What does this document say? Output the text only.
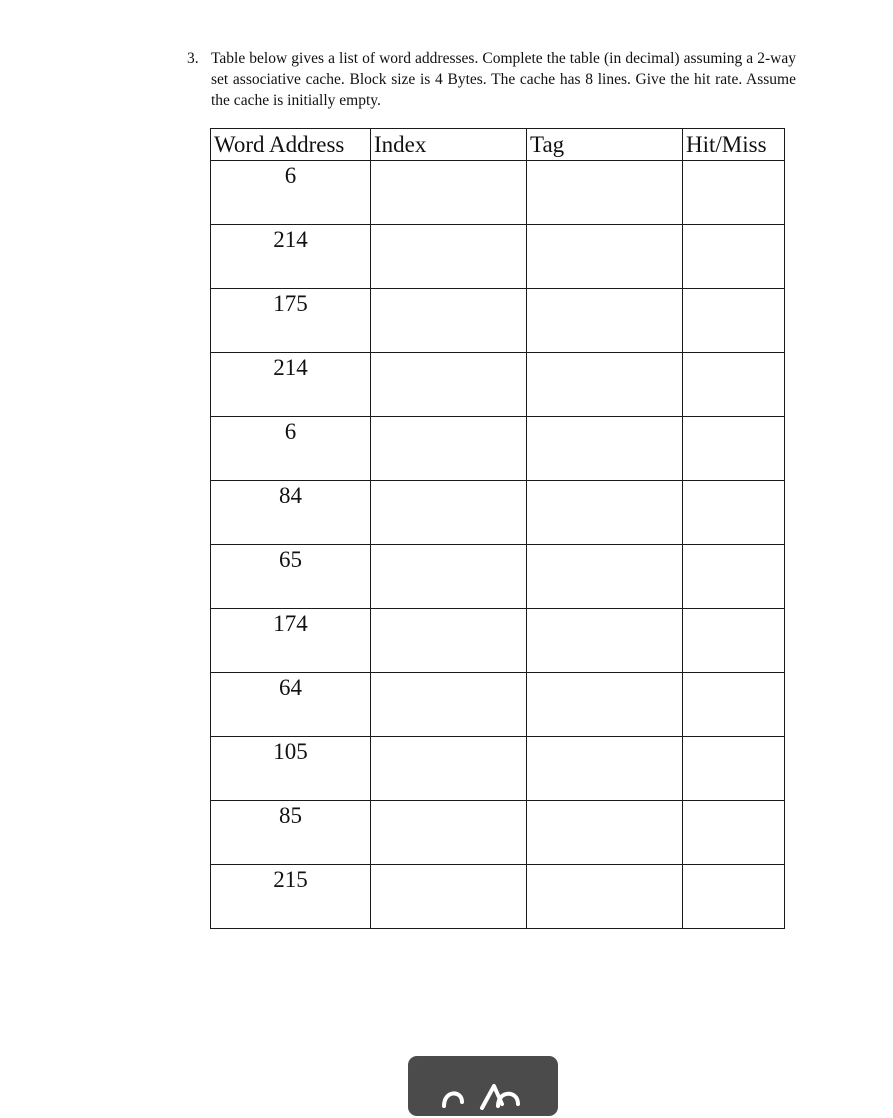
3. Table below gives a list of word addresses. Complete the table (in decimal) assuming a 2-way set associative cache. Block size is 4 Bytes. The cache has 8 lines. Give the hit rate. Assume the cache is initially empty.
Word Address	Index	Tag	Hit/Miss
6			
214			
175			
214			
6			
84			
65			
174			
64			
105			
85			
215			
